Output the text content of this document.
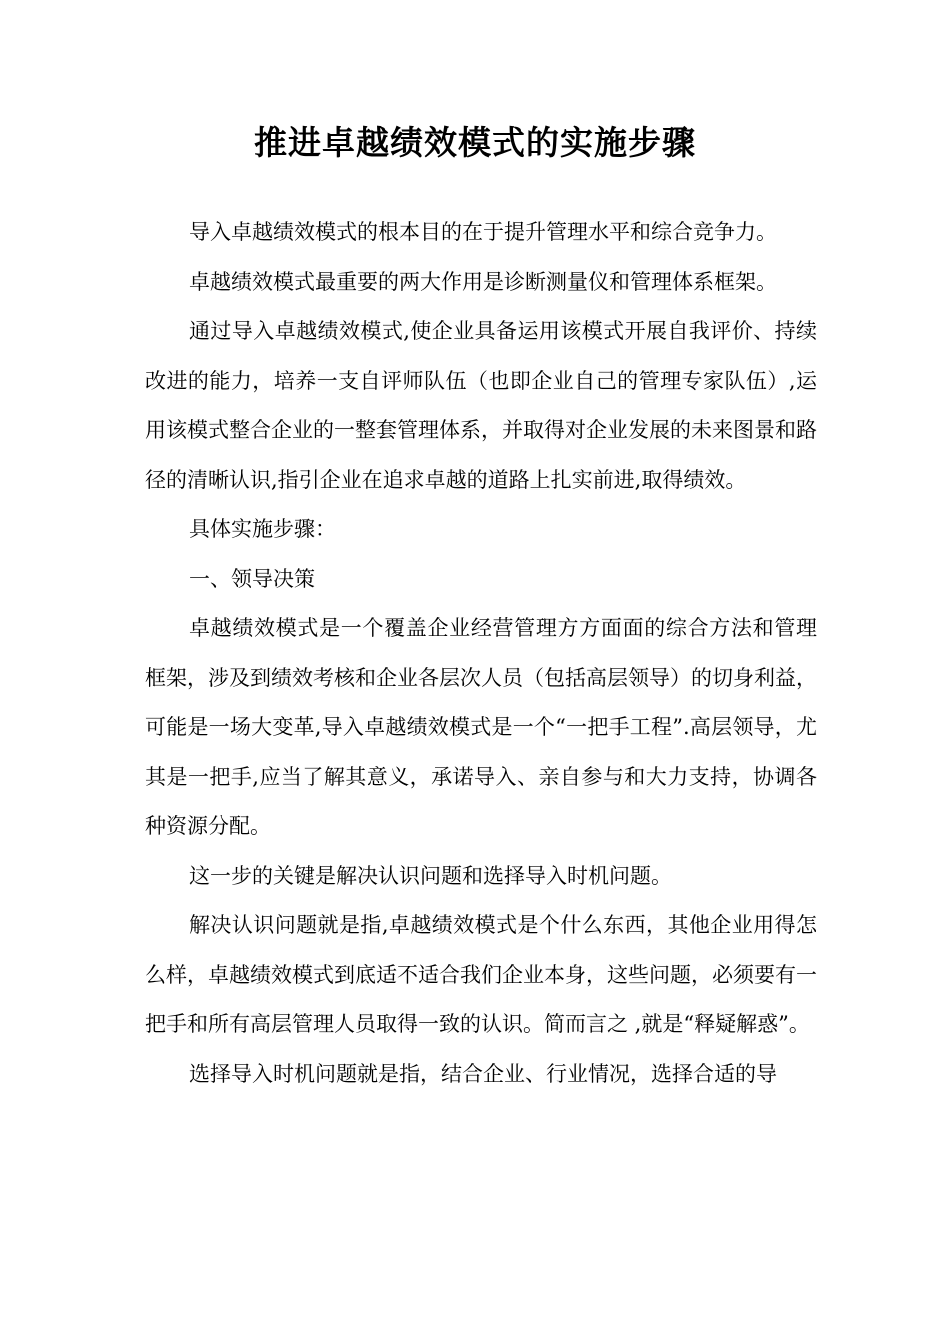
推进卓越绩效模式的实施步骤

导入卓越绩效模式的根本目的在于提升管理水平和综合竞争力。

卓越绩效模式最重要的两大作用是诊断测量仪和管理体系框架。

通过导入卓越绩效模式,使企业具备运用该模式开展自我评价、持续改进的能力，培养一支自评师队伍（也即企业自己的管理专家队伍）,运用该模式整合企业的一整套管理体系，并取得对企业发展的未来图景和路径的清晰认识,指引企业在追求卓越的道路上扎实前进,取得绩效。

具体实施步骤：

一、领导决策

卓越绩效模式是一个覆盖企业经营管理方方面面的综合方法和管理框架，涉及到绩效考核和企业各层次人员（包括高层领导）的切身利益，可能是一场大变革,导入卓越绩效模式是一个“一把手工程”.高层领导，尤其是一把手,应当了解其意义，承诺导入、亲自参与和大力支持，协调各种资源分配。

这一步的关键是解决认识问题和选择导入时机问题。

解决认识问题就是指,卓越绩效模式是个什么东西，其他企业用得怎么样，卓越绩效模式到底适不适合我们企业本身，这些问题，必须要有一把手和所有高层管理人员取得一致的认识。简而言之 ,就是“释疑解惑”。

选择导入时机问题就是指，结合企业、行业情况，选择合适的导
